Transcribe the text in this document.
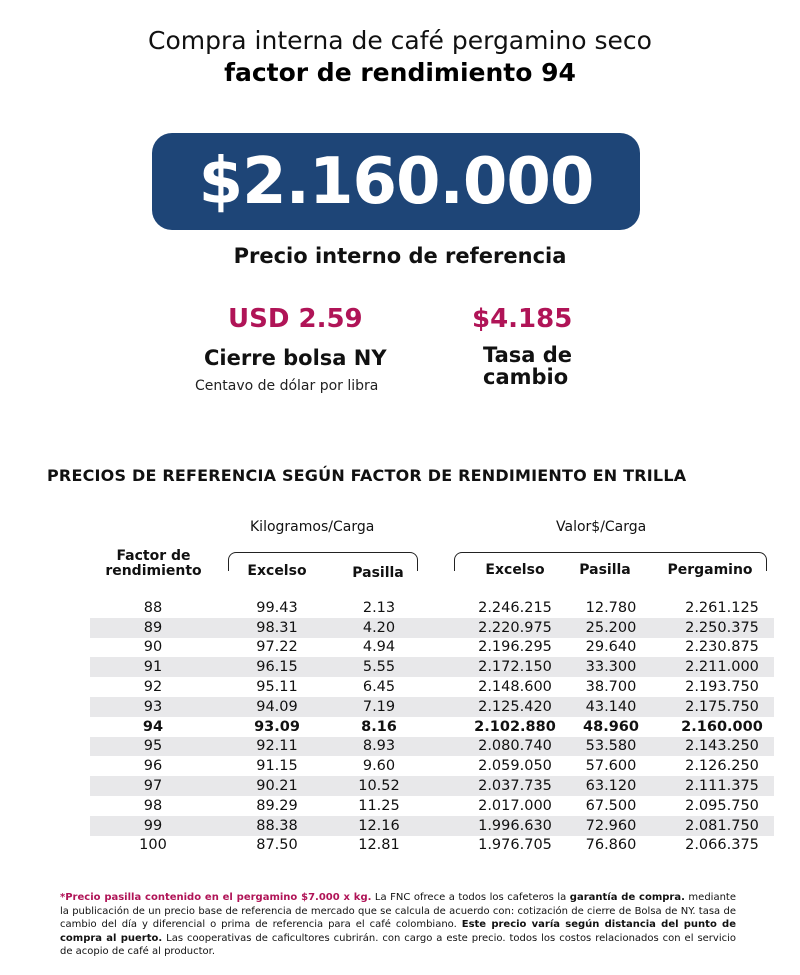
Compra interna de café pergamino seco
factor de rendimiento 94
$2.160.000
Precio interno de referencia
USD 2.59
Cierre bolsa NY
Centavo de dólar por libra
$4.185
Tasa de
cambio
PRECIOS DE REFERENCIA SEGÚN FACTOR DE RENDIMIENTO EN TRILLA
Kilogramos/Carga	Valor$/Carga
Factor de
rendimiento	Excelso	Pasilla	Excelso	Pasilla	Pergamino
88	99.43	2.13	2.246.215	12.780	2.261.125
89	98.31	4.20	2.220.975	25.200	2.250.375
90	97.22	4.94	2.196.295	29.640	2.230.875
91	96.15	5.55	2.172.150	33.300	2.211.000
92	95.11	6.45	2.148.600	38.700	2.193.750
93	94.09	7.19	2.125.420	43.140	2.175.750
94	93.09	8.16	2.102.880	48.960	2.160.000
95	92.11	8.93	2.080.740	53.580	2.143.250
96	91.15	9.60	2.059.050	57.600	2.126.250
97	90.21	10.52	2.037.735	63.120	2.111.375
98	89.29	11.25	2.017.000	67.500	2.095.750
99	88.38	12.16	1.996.630	72.960	2.081.750
100	87.50	12.81	1.976.705	76.860	2.066.375
*Precio pasilla contenido en el pergamino $7.000 x kg. La FNC ofrece a todos los cafeteros la garantía de compra. mediante la publicación de un precio base de referencia de mercado que se calcula de acuerdo con: cotización de cierre de Bolsa de NY. tasa de cambio del día y diferencial o prima de referencia para el café colombiano. Este precio varía según distancia del punto de compra al puerto. Las cooperativas de caficultores cubrirán. con cargo a este precio. todos los costos relacionados con el servicio de acopio de café al productor.
